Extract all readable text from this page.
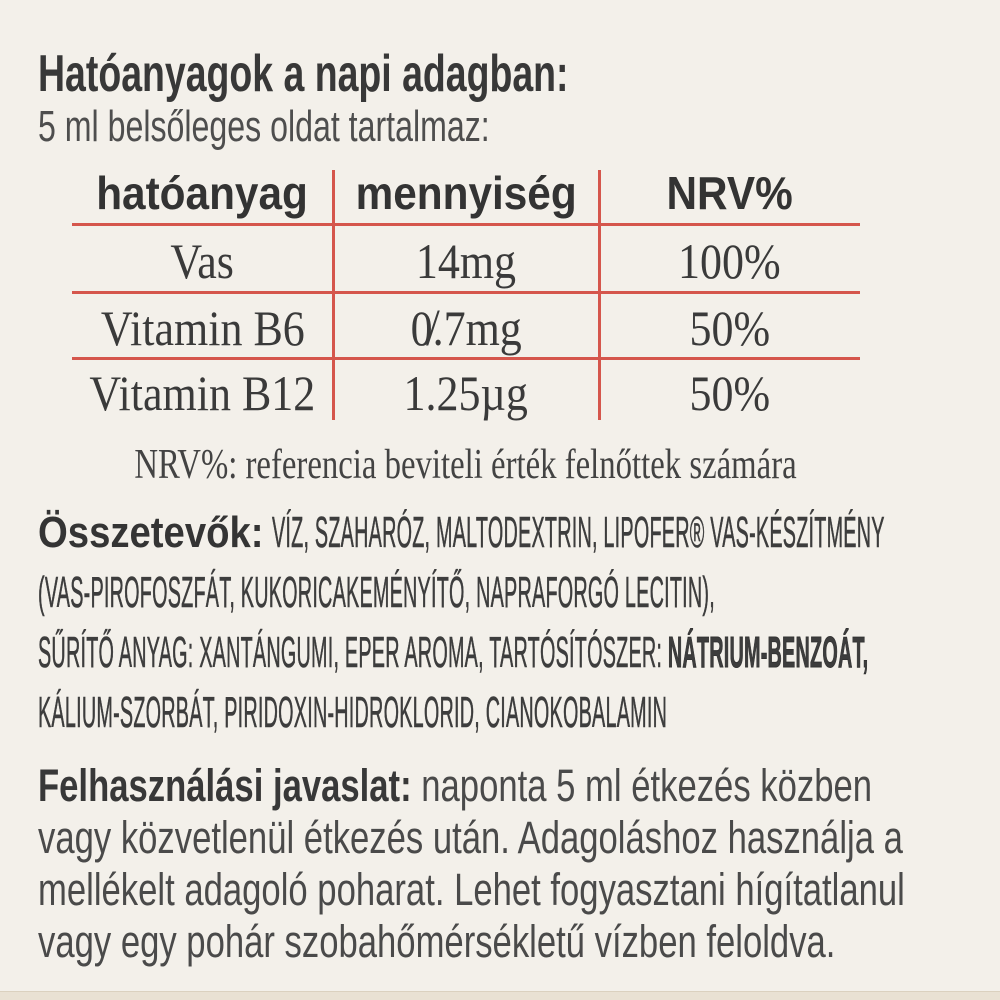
Hatóanyagok a napi adagban:
5 ml belsőleges oldat tartalmaz:
hatóanyag mennyiség NRV%
Vas	14mg	100%
Vitamin B6 0̸.7mg	50%
Vitamin B12 1.25µg	50%
NRV%: referencia beviteli érték felnőttek számára
Összetevők: VÍZ, SZAHARÓZ, MALTODEXTRIN, LIPOFER® VAS-KÉSZÍTMÉNY
(VAS-PIROFOSZFÁT, KUKORICAKEMÉNYÍTŐ, NAPRAFORGÓ LECITIN),
SŰRÍTŐ ANYAG: XANTÁNGUMI, EPER AROMA, TARTÓSÍTÓSZER: NÁTRIUM-BENZOÁT,
KÁLIUM-SZORBÁT, PIRIDOXIN-HIDROKLORID, CIANOKOBALAMIN
Felhasználási javaslat: naponta 5 ml étkezés közben
vagy közvetlenül étkezés után. Adagoláshoz használja a
mellékelt adagoló poharat. Lehet fogyasztani hígítatlanul
vagy egy pohár szobahőmérsékletű vízben feloldva.
